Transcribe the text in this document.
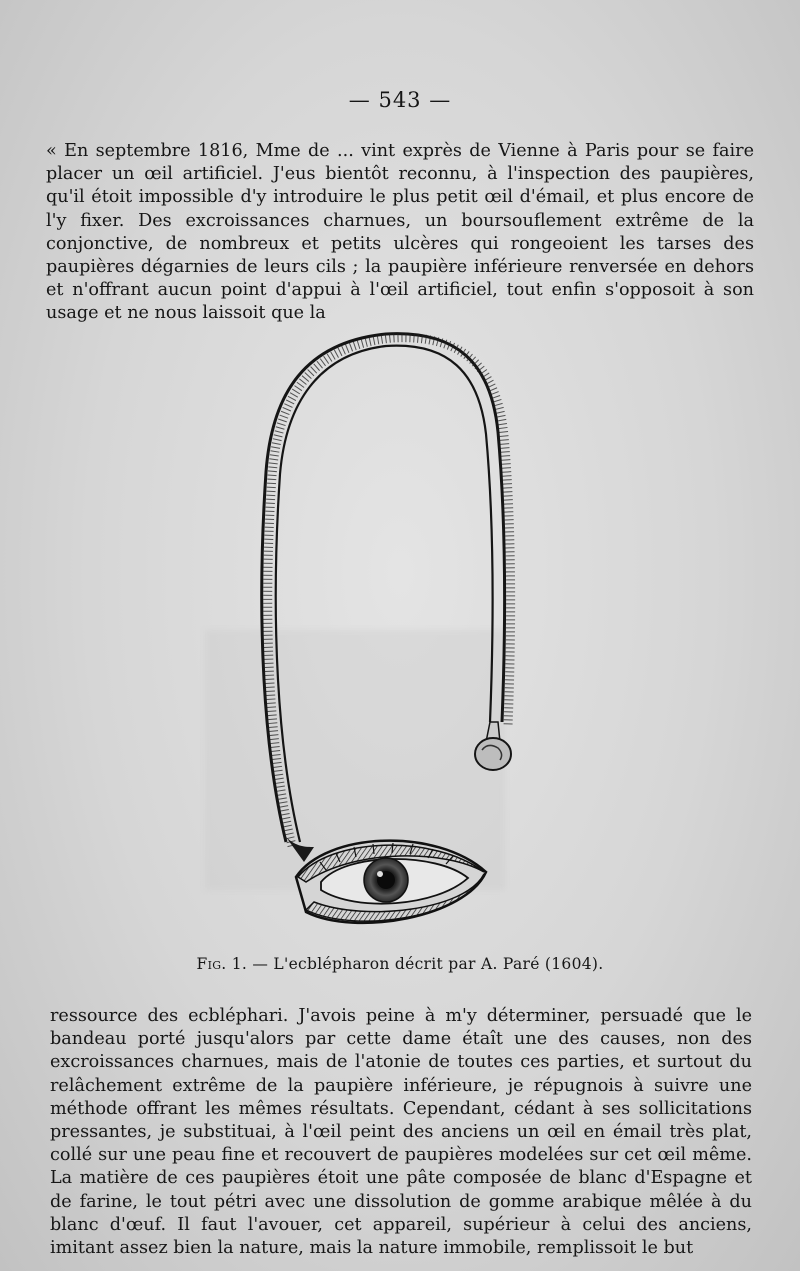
— 543 —

« En septembre 1816, Mme de ... vint exprès de Vienne à Paris pour se faire placer un œil artificiel. J'eus bientôt reconnu, à l'inspection des paupières, qu'il étoit impossible d'y introduire le plus petit œil d'émail, et plus encore de l'y fixer. Des excroissances charnues, un boursouflement extrême de la conjonctive, de nombreux et petits ulcères qui rongeoient les tarses des paupières dégarnies de leurs cils ; la paupière inférieure renversée en dehors et n'offrant aucun point d'appui à l'œil artificiel, tout enfin s'opposoit à son usage et ne nous laissoit que la

Fig. 1. — L'ecblépharon décrit par A. Paré (1604).

ressource des ecbléphari. J'avois peine à m'y déterminer, persuadé que le bandeau porté jusqu'alors par cette dame étaît une des causes, non des excroissances charnues, mais de l'atonie de toutes ces parties, et surtout du relâchement extrême de la paupière inférieure, je répugnois à suivre une méthode offrant les mêmes résultats. Cependant, cédant à ses sollicitations pressantes, je substituai, à l'œil peint des anciens un œil en émail très plat, collé sur une peau fine et recouvert de paupières modelées sur cet œil même. La matière de ces paupières étoit une pâte composée de blanc d'Espagne et de farine, le tout pétri avec une dissolution de gomme arabique mêlée à du blanc d'œuf. Il faut l'avouer, cet appareil, supérieur à celui des anciens, imitant assez bien la nature, mais la nature immobile, remplissoit le but
